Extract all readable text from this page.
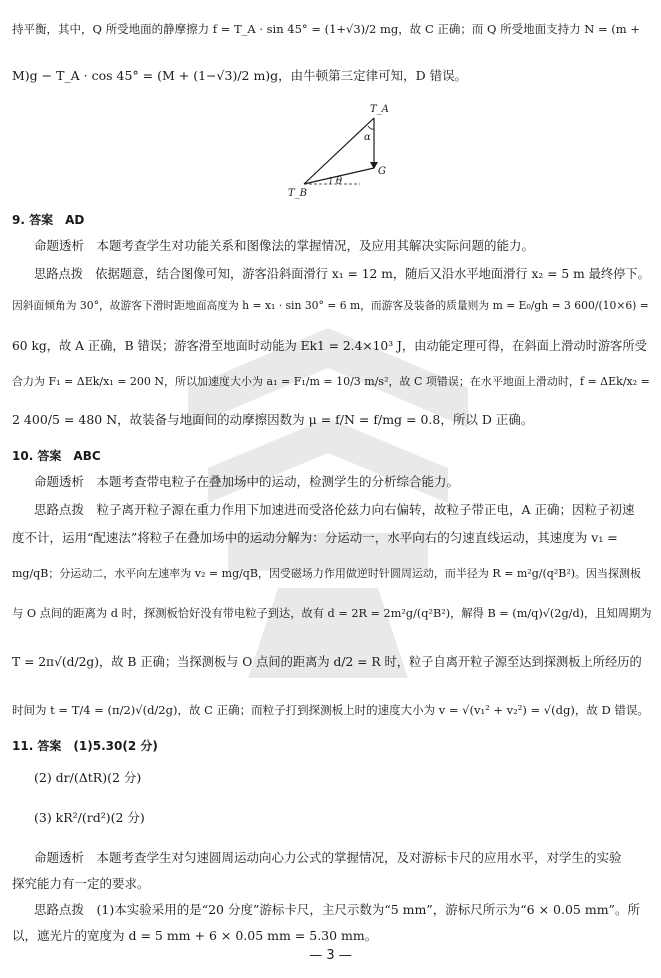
持平衡，其中，Q 所受地面的静摩擦力 f = T_A · sin 45° = (1+√3)/2 mg，故 C 正确；而 Q 所受地面支持力 N = (m +
M)g − T_A · cos 45° = (M + (1−√3)/2 m)g，由牛顿第三定律可知，D 错误。
T_A
α
G
T_B
θ
9. 答案　AD
命题透析　本题考查学生对功能关系和图像法的掌握情况，及应用其解决实际问题的能力。
思路点拨　依据题意，结合图像可知，游客沿斜面滑行 x₁ = 12 m，随后又沿水平地面滑行 x₂ = 5 m 最终停下。
因斜面倾角为 30°，故游客下滑时距地面高度为 h = x₁ · sin 30° = 6 m，而游客及装备的质量则为 m = E₀/gh = 3 600/(10×6) =
60 kg，故 A 正确，B 错误；游客滑至地面时动能为 Ek1 = 2.4×10³ J，由动能定理可得，在斜面上滑动时游客所受
合力为 F₁ = ΔEk/x₁ = 200 N，所以加速度大小为 a₁ = F₁/m = 10/3 m/s²，故 C 项错误；在水平地面上滑动时，f = ΔEk/x₂ =
2 400/5 = 480 N，故装备与地面间的动摩擦因数为 μ = f/N = f/mg = 0.8，所以 D 正确。
10. 答案　ABC
命题透析　本题考查带电粒子在叠加场中的运动，检测学生的分析综合能力。
思路点拨　粒子离开粒子源在重力作用下加速进而受洛伦兹力向右偏转，故粒子带正电，A 正确；因粒子初速
度不计，运用“配速法”将粒子在叠加场中的运动分解为：分运动一，水平向右的匀速直线运动，其速度为 v₁ =
mg/qB；分运动二，水平向左速率为 v₂ = mg/qB，因受磁场力作用做逆时针圆周运动，而半径为 R = m²g/(q²B²)。因当探测板
与 O 点间的距离为 d 时，探测板恰好没有带电粒子到达，故有 d = 2R = 2m²g/(q²B²)，解得 B = (m/q)√(2g/d)，且知周期为
T = 2π√(d/2g)，故 B 正确；当探测板与 O 点间的距离为 d/2 = R 时，粒子自离开粒子源至达到探测板上所经历的
时间为 t = T/4 = (π/2)√(d/2g)，故 C 正确；而粒子打到探测板上时的速度大小为 v = √(v₁² + v₂²) = √(dg)，故 D 错误。
11. 答案　(1)5.30(2 分)
(2) dr/(ΔtR)(2 分)
(3) kR²/(rd²)(2 分)
命题透析　本题考查学生对匀速圆周运动向心力公式的掌握情况，及对游标卡尺的应用水平，对学生的实验
探究能力有一定的要求。
思路点拨　(1)本实验采用的是“20 分度”游标卡尺，主尺示数为“5 mm”，游标尺所示为“6 × 0.05 mm”。所
以，遮光片的宽度为 d = 5 mm + 6 × 0.05 mm = 5.30 mm。
— 3 —
